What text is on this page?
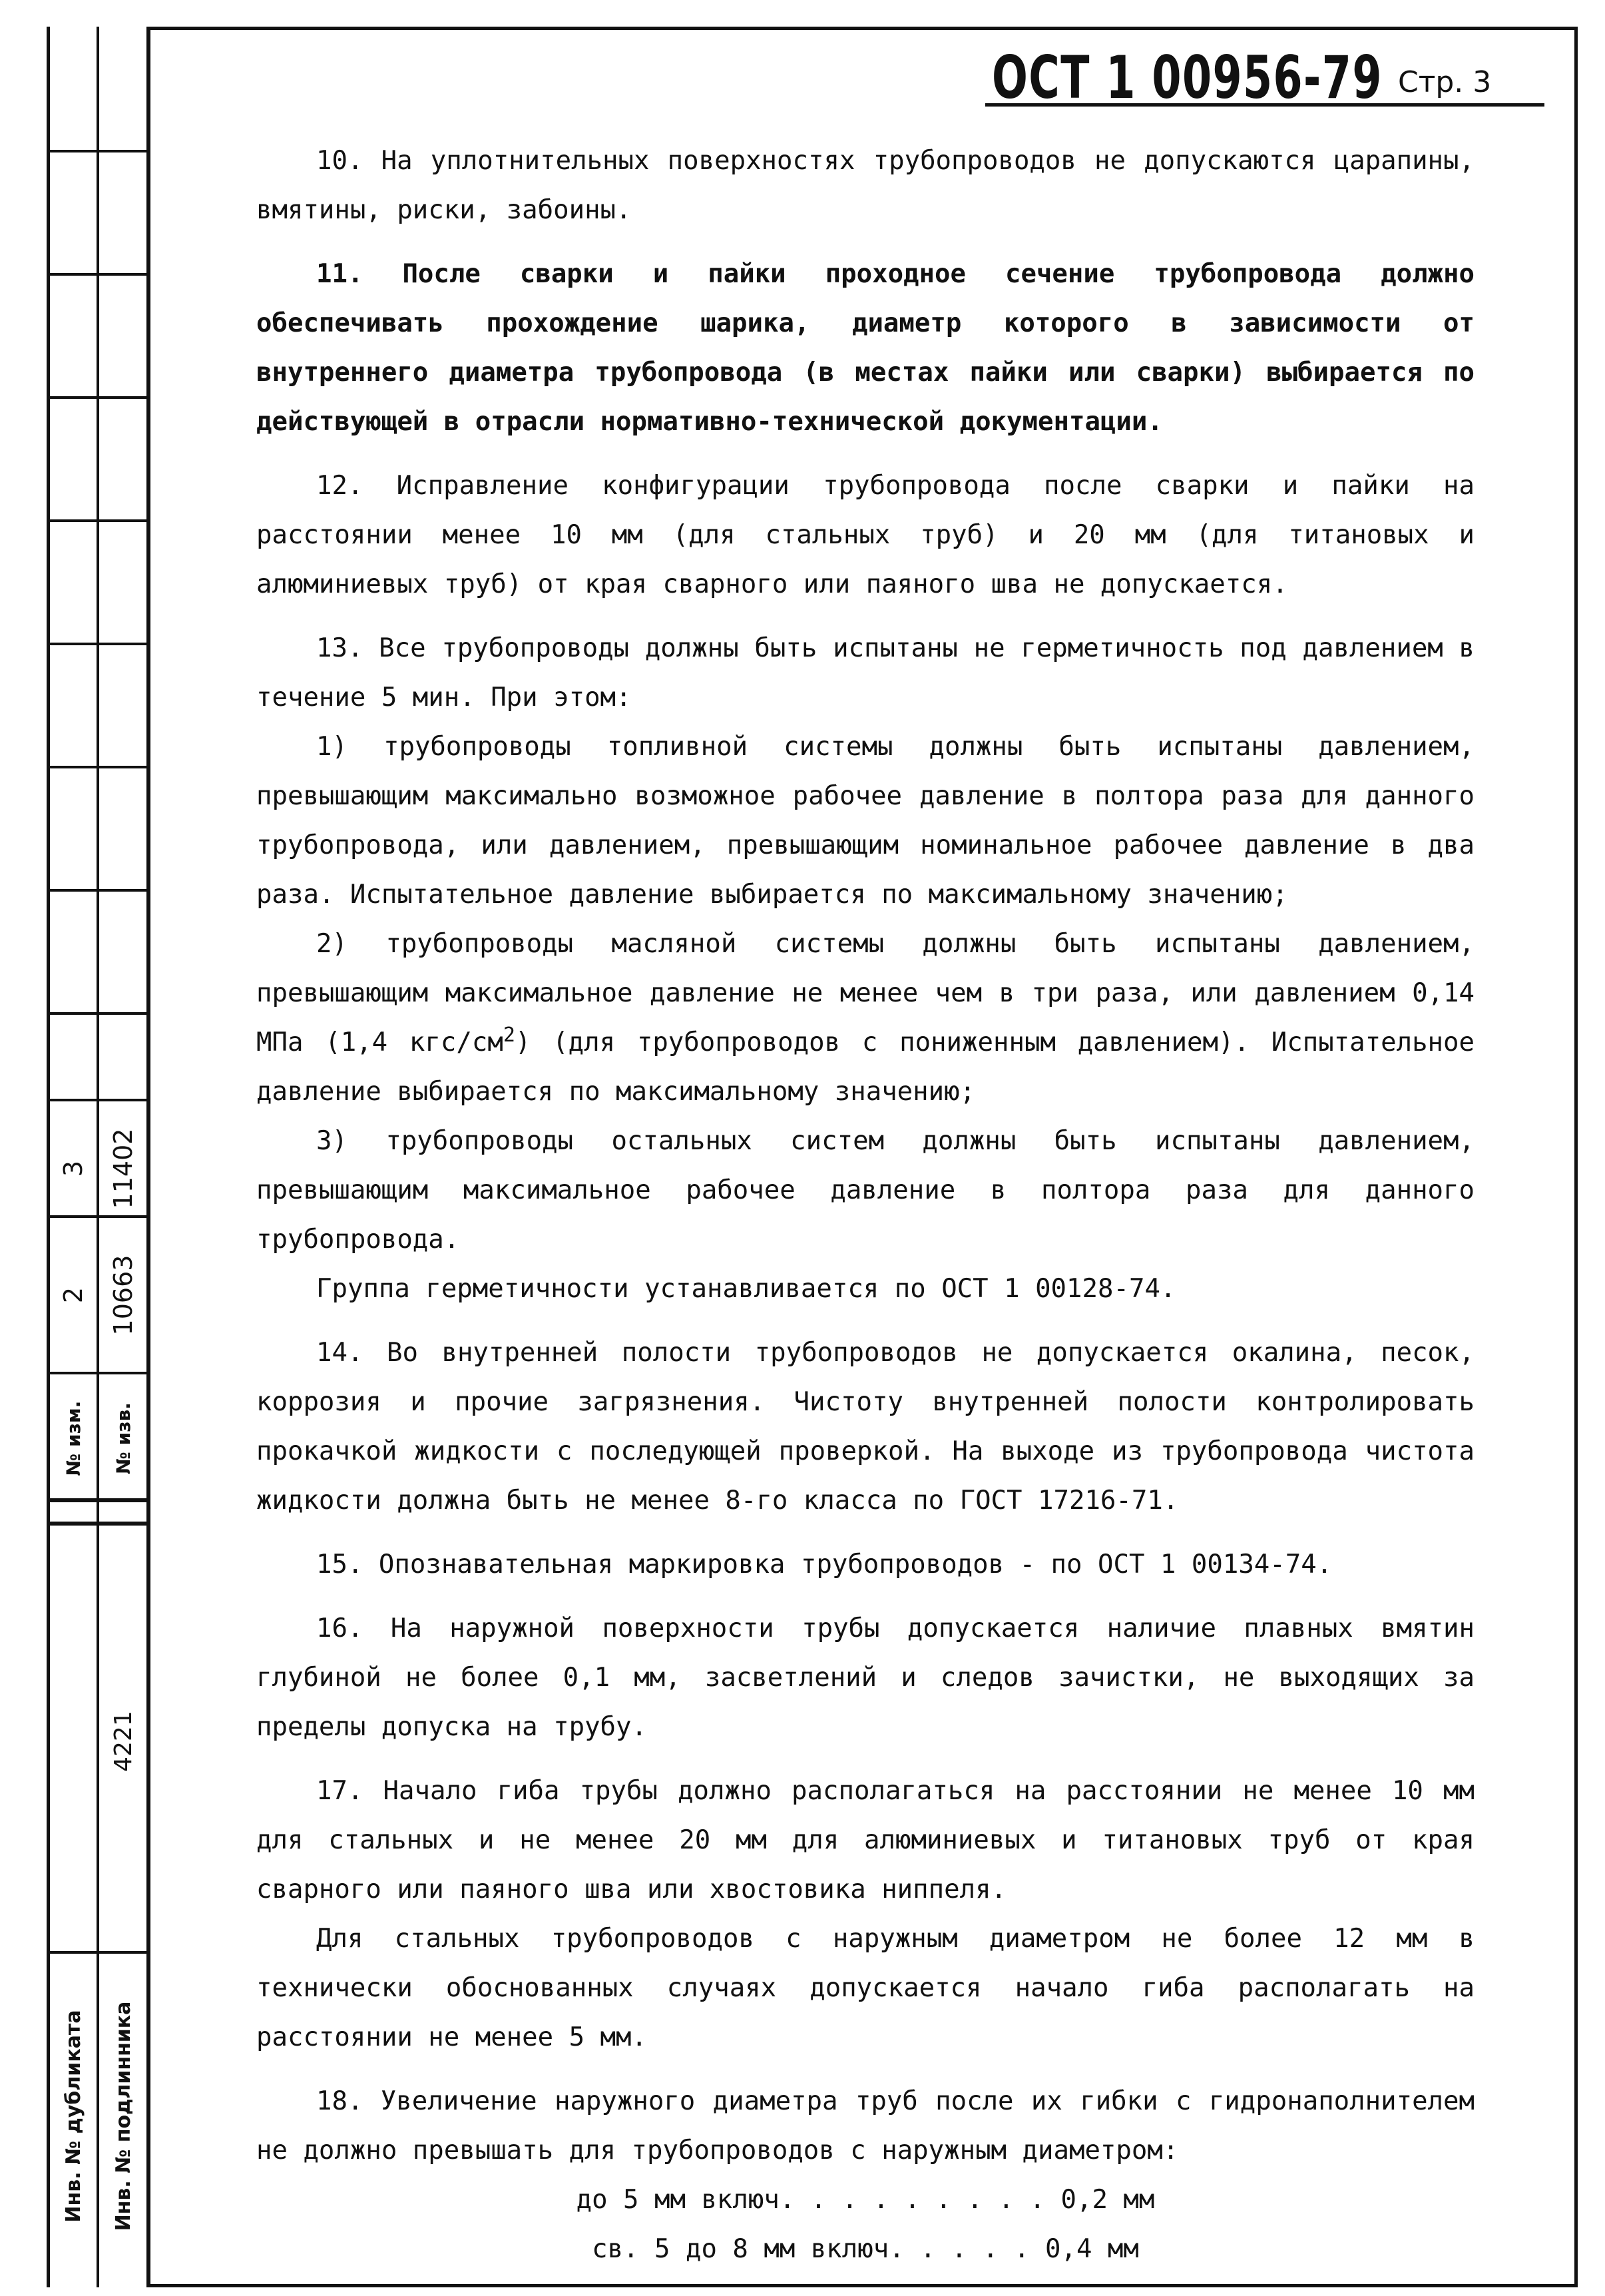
Инв. № дубликата
№ изм.
2
3
Инв. № подлинника
4221
№ изв.
10663
11402
ОСТ 1 00956-79 Стр. 3

10. На уплотнительных поверхностях трубопроводов не допускаются царапины, вмятины, риски, забоины.

11. После сварки и пайки проходное сечение трубопровода должно обеспечивать прохождение шарика, диаметр которого в зависимости от внутреннего диаметра трубопровода (в местах пайки или сварки) выбирается по действующей в отрасли нормативно-технической документации.

12. Исправление конфигурации трубопровода после сварки и пайки на расстоянии менее 10 мм (для стальных труб) и 20 мм (для титановых и алюминиевых труб) от края сварного или паяного шва не допускается.

13. Все трубопроводы должны быть испытаны не герметичность под давлением в течение 5 мин. При этом:

1) трубопроводы топливной системы должны быть испытаны давлением, превышающим максимально возможное рабочее давление в полтора раза для данного трубопровода, или давлением, превышающим номинальное рабочее давление в два раза. Испытательное давление выбирается по максимальному значению;

2) трубопроводы масляной системы должны быть испытаны давлением, превышающим максимальное давление не менее чем в три раза, или давлением 0,14 МПа (1,4 кгс/$см^2$) (для трубопроводов с пониженным давлением). Испытательное давление выбирается по максимальному значению;

3) трубопроводы остальных систем должны быть испытаны давлением, превышающим максимальное рабочее давление в полтора раза для данного трубопровода.

Группа герметичности устанавливается по ОСТ 1 00128-74.

14. Во внутренней полости трубопроводов не допускается окалина, песок, коррозия и прочие загрязнения. Чистоту внутренней полости контролировать прокачкой жидкости с последующей проверкой. На выходе из трубопровода чистота жидкости должна быть не менее 8-го класса по ГОСТ 17216-71.

15. Опознавательная маркировка трубопроводов - по ОСТ 1 00134-74.

16. На наружной поверхности трубы допускается наличие плавных вмятин глубиной не более 0,1 мм, засветлений и следов зачистки, не выходящих за пределы допуска на трубу.

17. Начало гиба трубы должно располагаться на расстоянии не менее 10 мм для стальных и не менее 20 мм для алюминиевых и титановых труб от края сварного или паяного шва или хвостовика ниппеля.

Для стальных трубопроводов с наружным диаметром не более 12 мм в технически обоснованных случаях допускается начало гиба располагать на расстоянии не менее 5 мм.

18. Увеличение наружного диаметра труб после их гибки с гидронаполнителем не должно превышать для трубопроводов с наружным диаметром:

до 5 мм включ. . . . . . . . . 0,2 мм

св. 5 до 8 мм включ. . . . . 0,4 мм
